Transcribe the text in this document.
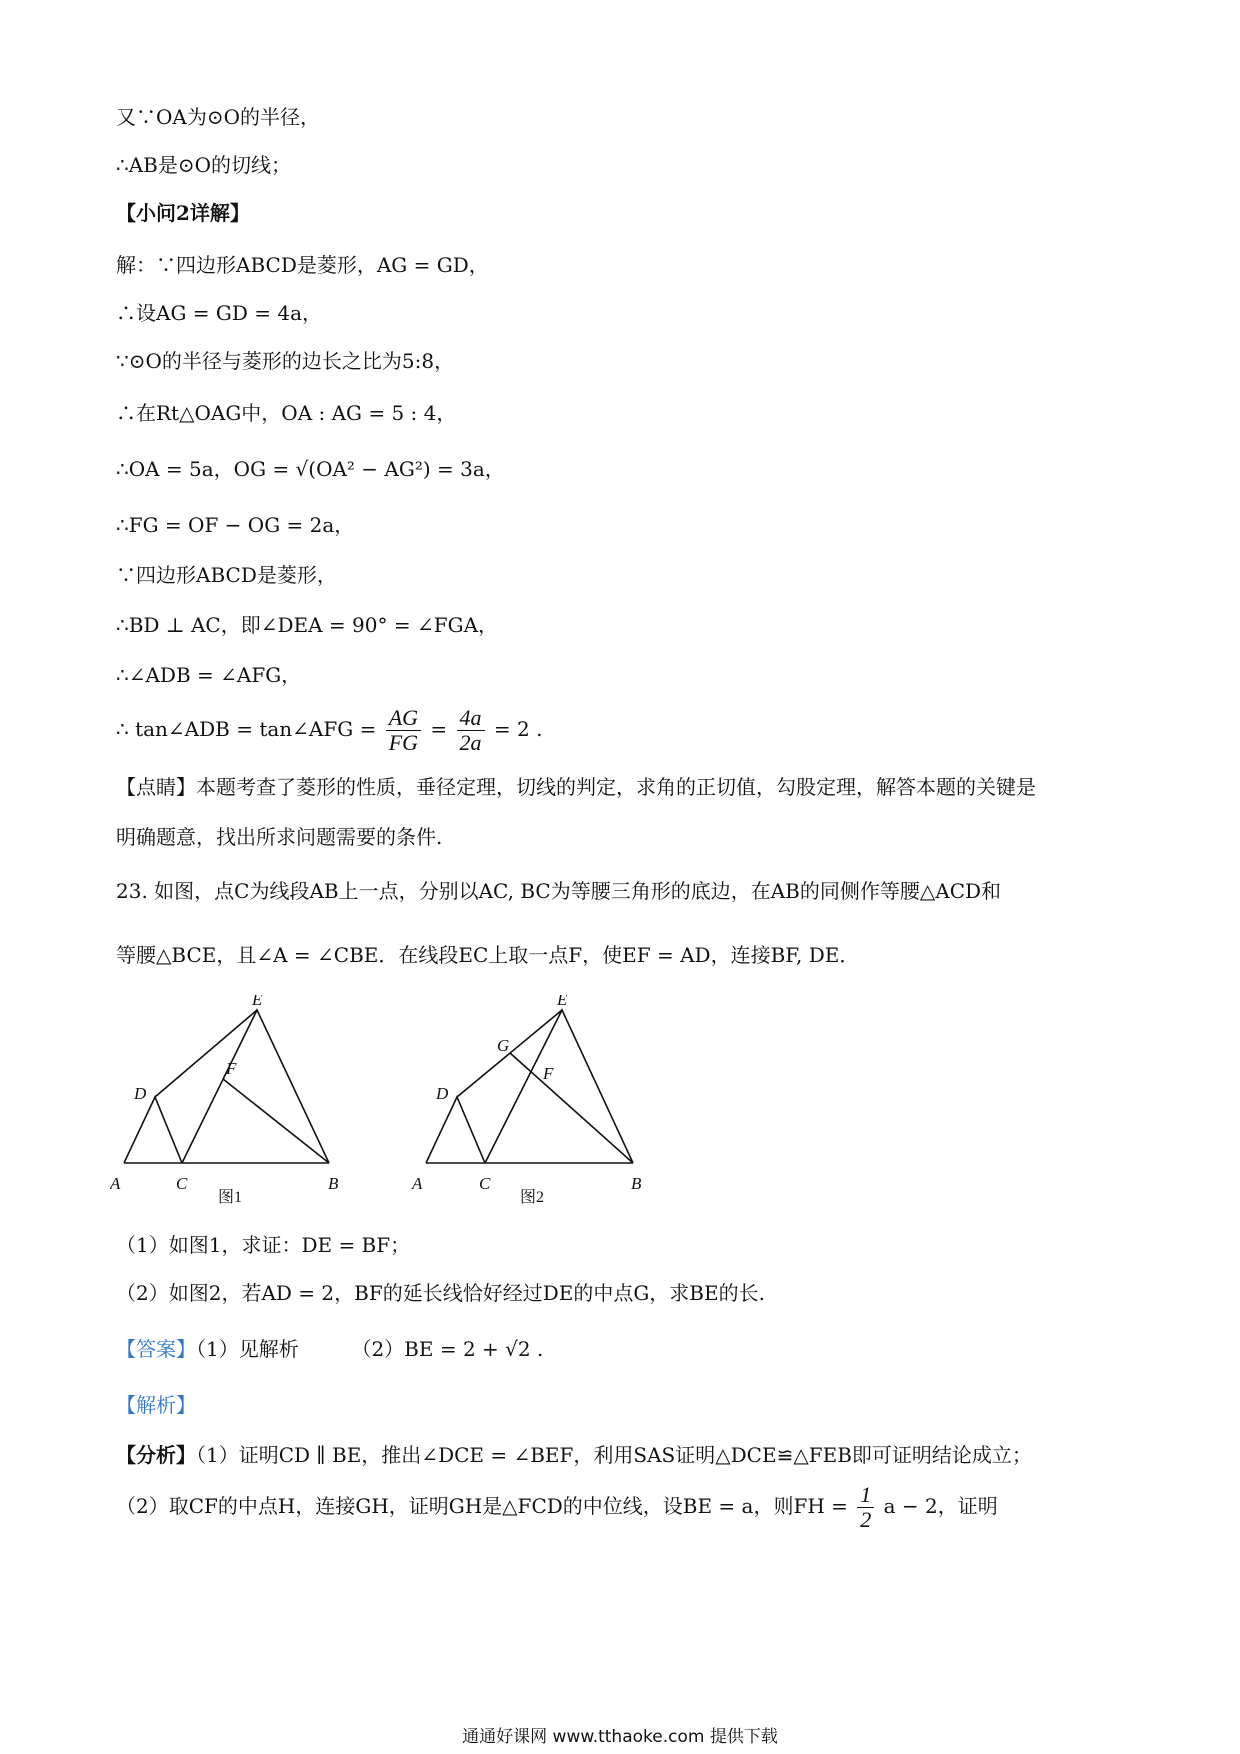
又∵OA为⊙O的半径，
∴AB是⊙O的切线；
【小问2详解】
解：∵四边形ABCD是菱形，AG = GD，
∴设AG = GD = 4a，
∵⊙O的半径与菱形的边长之比为5:8，
∴在Rt△OAG中，OA : AG = 5 : 4，
∴OA = 5a，OG = √(OA² − AG²) = 3a，
∴FG = OF − OG = 2a，
∵四边形ABCD是菱形，
∴BD ⊥ AC，即∠DEA = 90° = ∠FGA，
∴∠ADB = ∠AFG，
∴ tan∠ADB = tan∠AFG = $\frac{AG}{FG} = \frac{4a}{2a} = 2$ .
【点睛】本题考查了菱形的性质，垂径定理，切线的判定，求角的正切值，勾股定理，解答本题的关键是
明确题意，找出所求问题需要的条件.
23. 如图，点C为线段AB上一点，分别以AC, BC为等腰三角形的底边，在AB的同侧作等腰△ACD和
等腰△BCE，且∠A = ∠CBE．在线段EC上取一点F，使EF = AD，连接BF, DE．
A	C	B
D
E
F
图1
A	C	B
D
E
F
G
图2
（1）如图1，求证：DE = BF；
（2）如图2，若AD = 2，BF的延长线恰好经过DE的中点G，求BE的长.
【答案】（1）见解析	（2）BE = 2 + √2 .
【解析】
【分析】（1）证明CD ∥ BE，推出∠DCE = ∠BEF，利用SAS证明△DCE≌△FEB即可证明结论成立；
（2）取CF的中点H，连接GH，证明GH是△FCD的中位线，设BE = a，则FH = $\frac{1}{2}$ a − 2，证明
通通好课网 www.tthaoke.com 提供下载
